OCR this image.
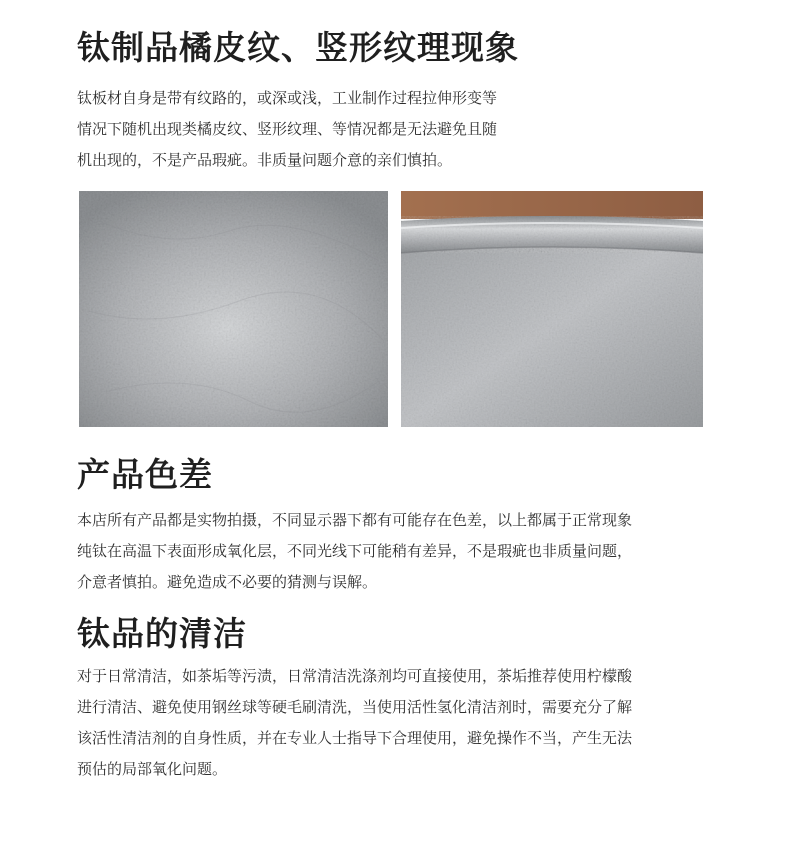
钛制品橘皮纹、竖形纹理现象

钛板材自身是带有纹路的，或深或浅，工业制作过程拉伸形变等
情况下随机出现类橘皮纹、竖形纹理、等情况都是无法避免且随
机出现的，不是产品瑕疵。非质量问题介意的亲们慎拍。

产品色差

本店所有产品都是实物拍摄，不同显示器下都有可能存在色差，以上都属于正常现象
纯钛在高温下表面形成氧化层，不同光线下可能稍有差异，不是瑕疵也非质量问题，
介意者慎拍。避免造成不必要的猜测与误解。

钛品的清洁

对于日常清洁，如茶垢等污渍，日常清洁洗涤剂均可直接使用，茶垢推荐使用柠檬酸
进行清洁、避免使用钢丝球等硬毛刷清洗，当使用活性氢化清洁剂时，需要充分了解
该活性清洁剂的自身性质，并在专业人士指导下合理使用，避免操作不当，产生无法
预估的局部氧化问题。
